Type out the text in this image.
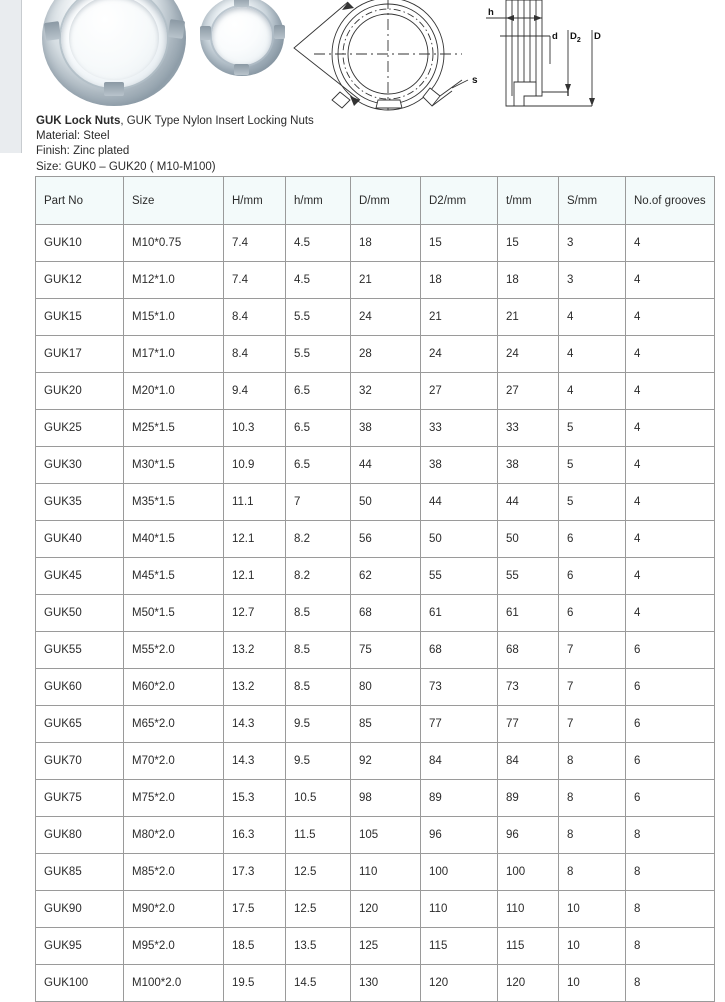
s
h
d $D_2$ D

GUK Lock Nuts, GUK Type Nylon Insert Locking Nuts

Material: Steel

Finish: Zinc plated

Size: GUK0 – GUK20 ( M10-M100)

Part No	Size	H/mm	h/mm	D/mm	D2/mm	t/mm	S/mm	No.of grooves
GUK10	M10*0.75	7.4	4.5	18	15	15	3	4
GUK12	M12*1.0	7.4	4.5	21	18	18	3	4
GUK15	M15*1.0	8.4	5.5	24	21	21	4	4
GUK17	M17*1.0	8.4	5.5	28	24	24	4	4
GUK20	M20*1.0	9.4	6.5	32	27	27	4	4
GUK25	M25*1.5	10.3	6.5	38	33	33	5	4
GUK30	M30*1.5	10.9	6.5	44	38	38	5	4
GUK35	M35*1.5	11.1	7	50	44	44	5	4
GUK40	M40*1.5	12.1	8.2	56	50	50	6	4
GUK45	M45*1.5	12.1	8.2	62	55	55	6	4
GUK50	M50*1.5	12.7	8.5	68	61	61	6	4
GUK55	M55*2.0	13.2	8.5	75	68	68	7	6
GUK60	M60*2.0	13.2	8.5	80	73	73	7	6
GUK65	M65*2.0	14.3	9.5	85	77	77	7	6
GUK70	M70*2.0	14.3	9.5	92	84	84	8	6
GUK75	M75*2.0	15.3	10.5	98	89	89	8	6
GUK80	M80*2.0	16.3	11.5	105	96	96	8	8
GUK85	M85*2.0	17.3	12.5	110	100	100	8	8
GUK90	M90*2.0	17.5	12.5	120	110	110	10	8
GUK95	M95*2.0	18.5	13.5	125	115	115	10	8
GUK100	M100*2.0	19.5	14.5	130	120	120	10	8
